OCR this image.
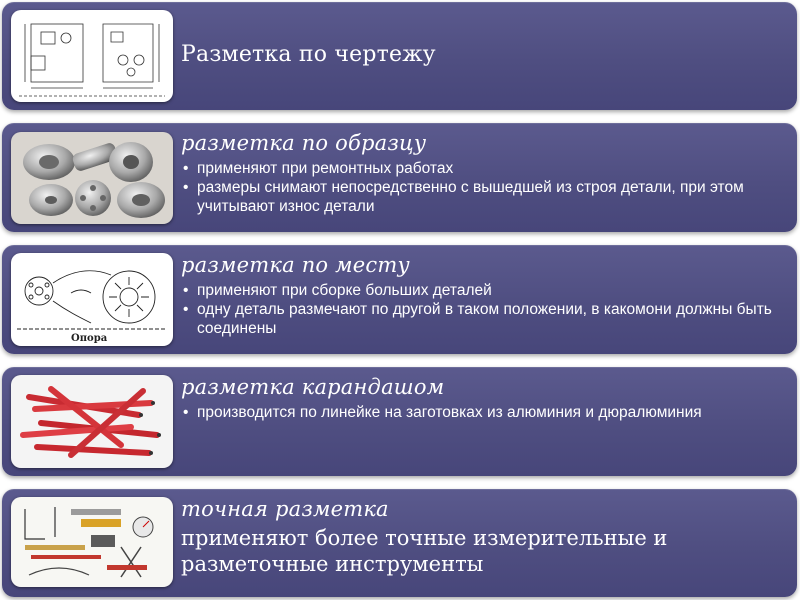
Разметка по чертежу
разметка по образцу
• применяют при ремонтных работах
• размеры снимают непосредственно с вышедшей из строя детали, при этом учитывают износ детали
Опора
разметка по месту
• применяют при сборке больших деталей
• одну деталь размечают по другой в таком положении, в какомони должны быть соединены
разметка карандашом
• производится по линейке на заготовках из алюминия и дюралюминия
точная разметка
применяют более точные измерительные и разметочные инструменты
